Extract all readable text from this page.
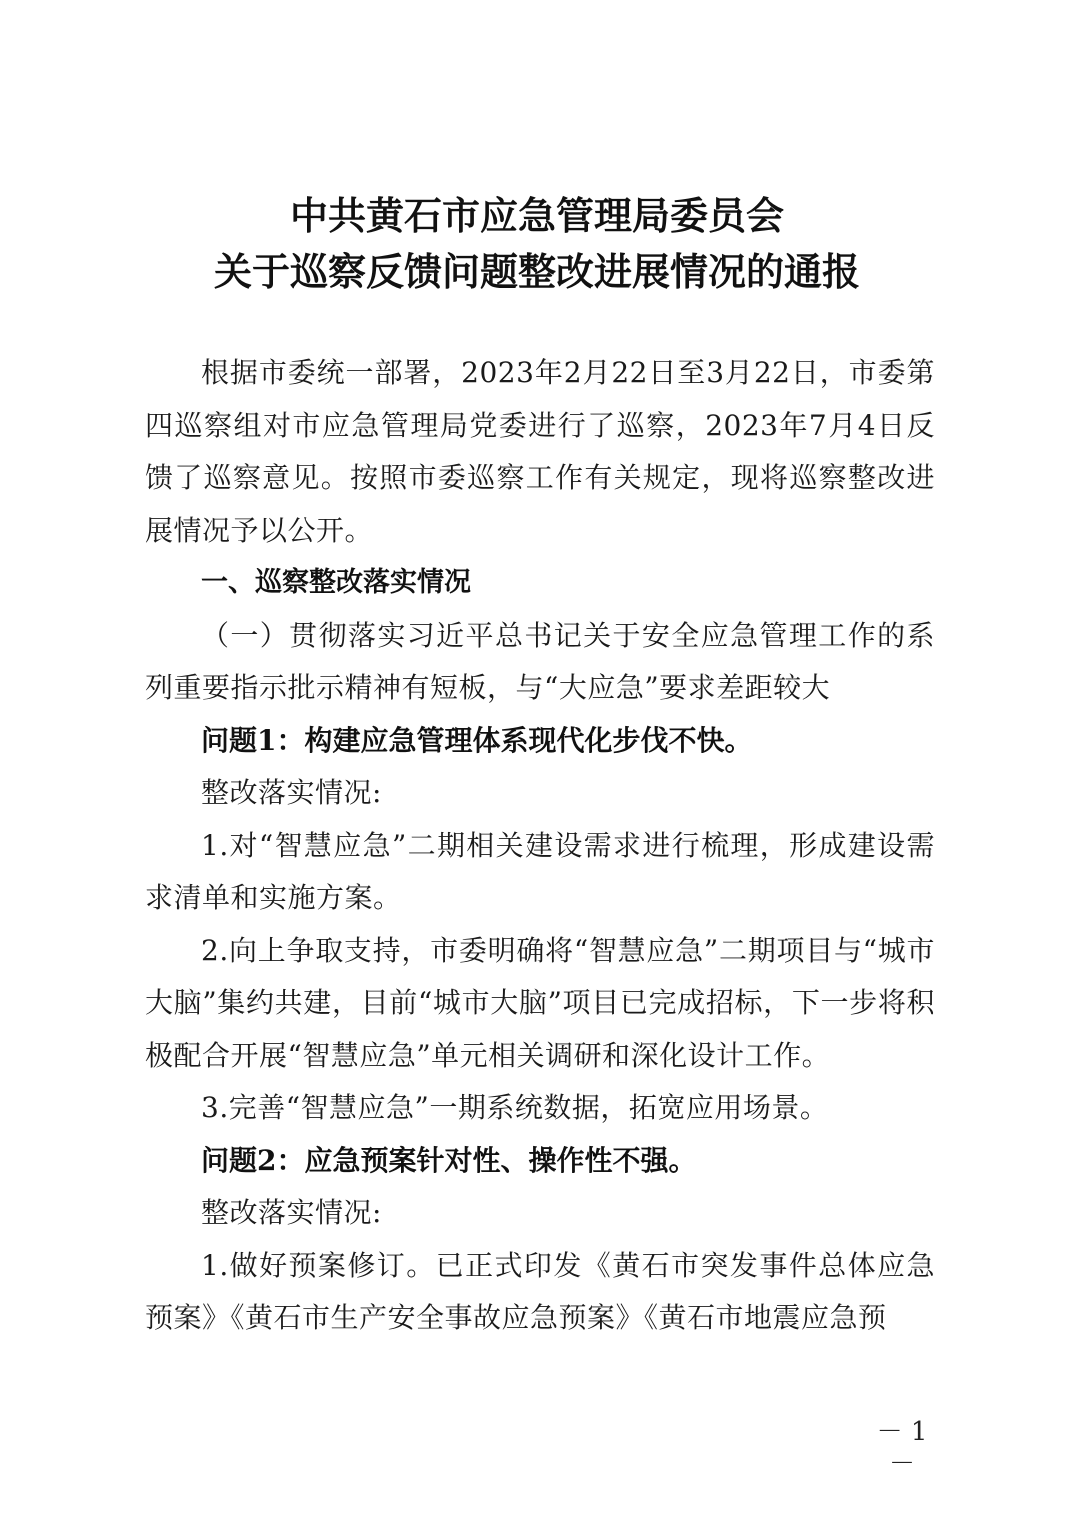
中共黄石市应急管理局委员会
关于巡察反馈问题整改进展情况的通报

根据市委统一部署，2023年2月22日至3月22日，市委第四巡察组对市应急管理局党委进行了巡察，2023年7月4日反馈了巡察意见。按照市委巡察工作有关规定，现将巡察整改进展情况予以公开。

一、巡察整改落实情况

（一）贯彻落实习近平总书记关于安全应急管理工作的系列重要指示批示精神有短板，与“大应急”要求差距较大

问题1：构建应急管理体系现代化步伐不快。

整改落实情况:

1.对“智慧应急”二期相关建设需求进行梳理，形成建设需求清单和实施方案。

2.向上争取支持，市委明确将“智慧应急”二期项目与“城市大脑”集约共建，目前“城市大脑”项目已完成招标，下一步将积极配合开展“智慧应急”单元相关调研和深化设计工作。

3.完善“智慧应急”一期系统数据，拓宽应用场景。

问题2：应急预案针对性、操作性不强。

整改落实情况:

1.做好预案修订。已正式印发《黄石市突发事件总体应急预案》《黄石市生产安全事故应急预案》《黄石市地震应急预

－ 1 －
